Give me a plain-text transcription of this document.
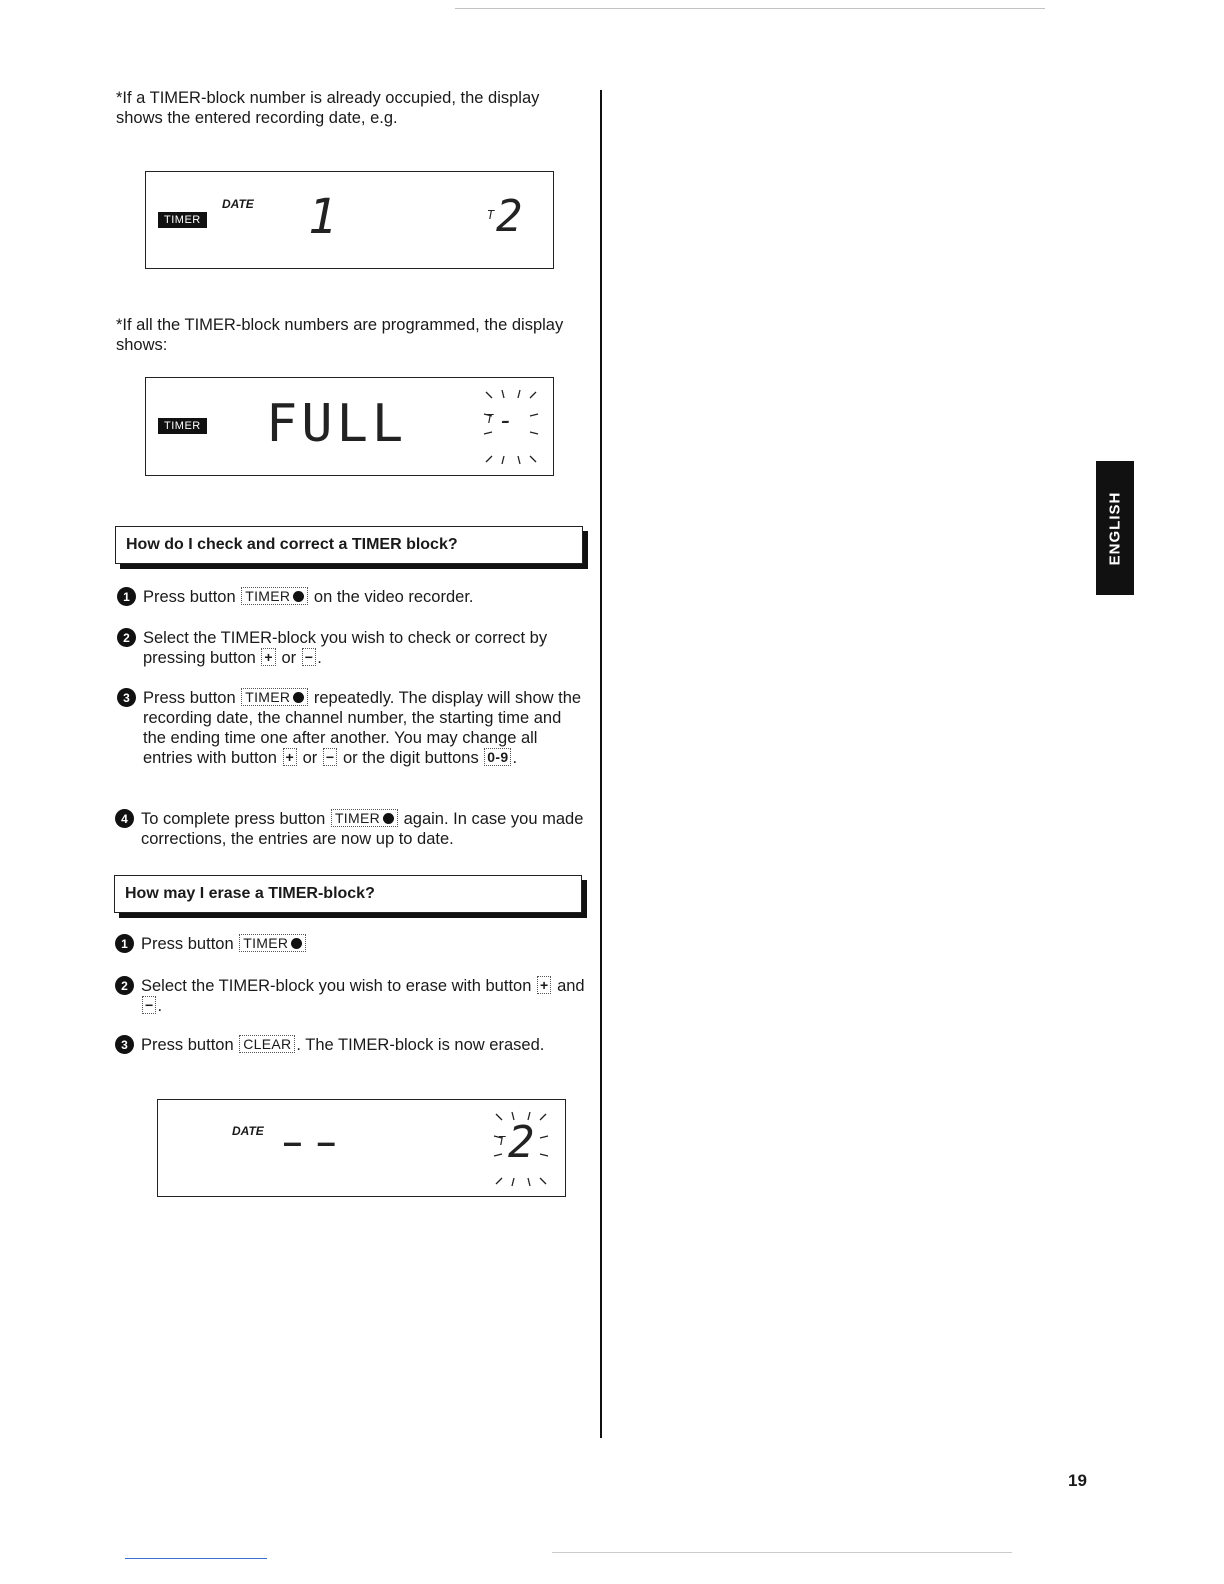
*If a TIMER-block number is already occupied, the display shows the entered recording date, e.g.
TIMER
DATE 1	T 2
*If all the TIMER-block numbers are programmed, the display shows:
TIMER FULL	T -
How do I check and correct a TIMER block?
1 Press button TIMER on the video recorder.
2 Select the TIMER-block you wish to check or correct by pressing button + or − .
3 Press button TIMER repeatedly. The display will show the recording date, the channel number, the starting time and the ending time one after another. You may change all entries with button + or − or the digit buttons 0-9 .
4 To complete press button TIMER again. In case you made corrections, the entries are now up to date.
How may I erase a TIMER-block?
1 Press button TIMER
2 Select the TIMER-block you wish to erase with button + and − .
3 Press button CLEAR . The TIMER-block is now erased.
DATE – –	T 2
ENGLISH
19
